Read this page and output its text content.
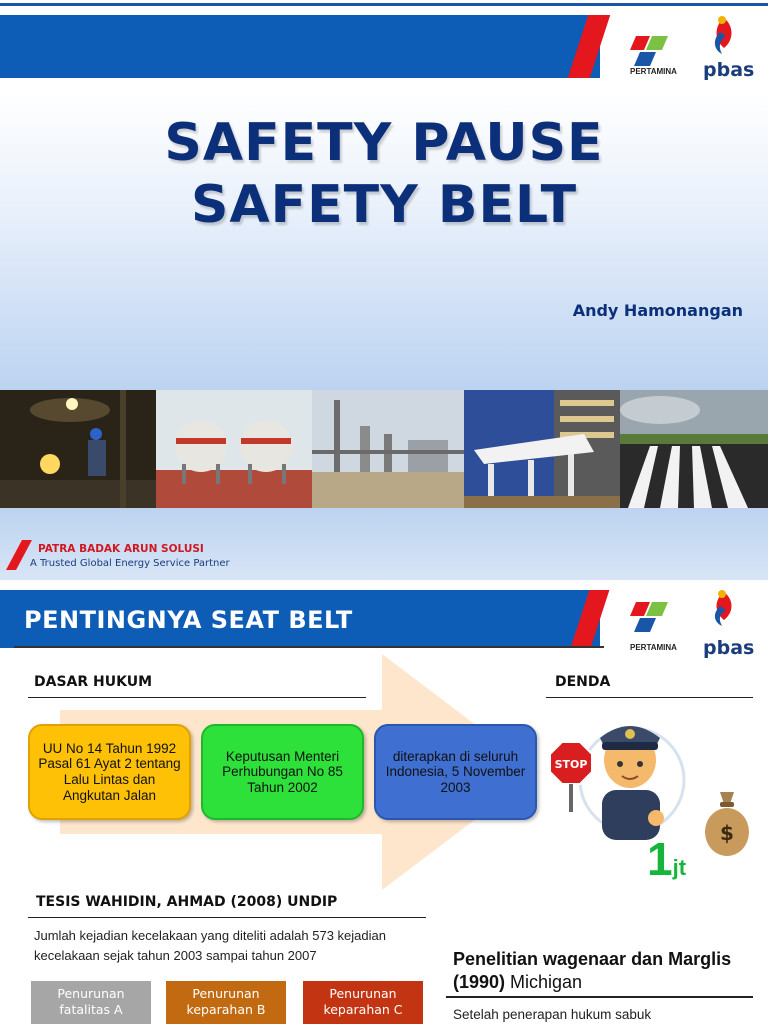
PERTAMINA pbas
SAFETY PAUSE
SAFETY BELT
Andy Hamonangan
PATRA BADAK ARUN SOLUSI
A Trusted Global Energy Service Partner
PENTINGNYA SEAT BELT
PERTAMINA pbas
DASAR HUKUM
UU No 14 Tahun 1992 Pasal 61 Ayat 2 tentang Lalu Lintas dan Angkutan Jalan
Keputusan Menteri Perhubungan No 85 Tahun 2002
diterapkan di seluruh Indonesia, 5 November 2003
DENDA
STOP
$
1jt
TESIS WAHIDIN, AHMAD (2008) UNDIP
Jumlah kejadian kecelakaan yang diteliti adalah 573 kejadian kecelakaan sejak tahun 2003 sampai tahun 2007
Penurunan
fatalitas A
Penurunan
keparahan B
Penurunan
keparahan C
Penelitian wagenaar dan Marglis (1990) Michigan
Setelah penerapan hukum sabuk
